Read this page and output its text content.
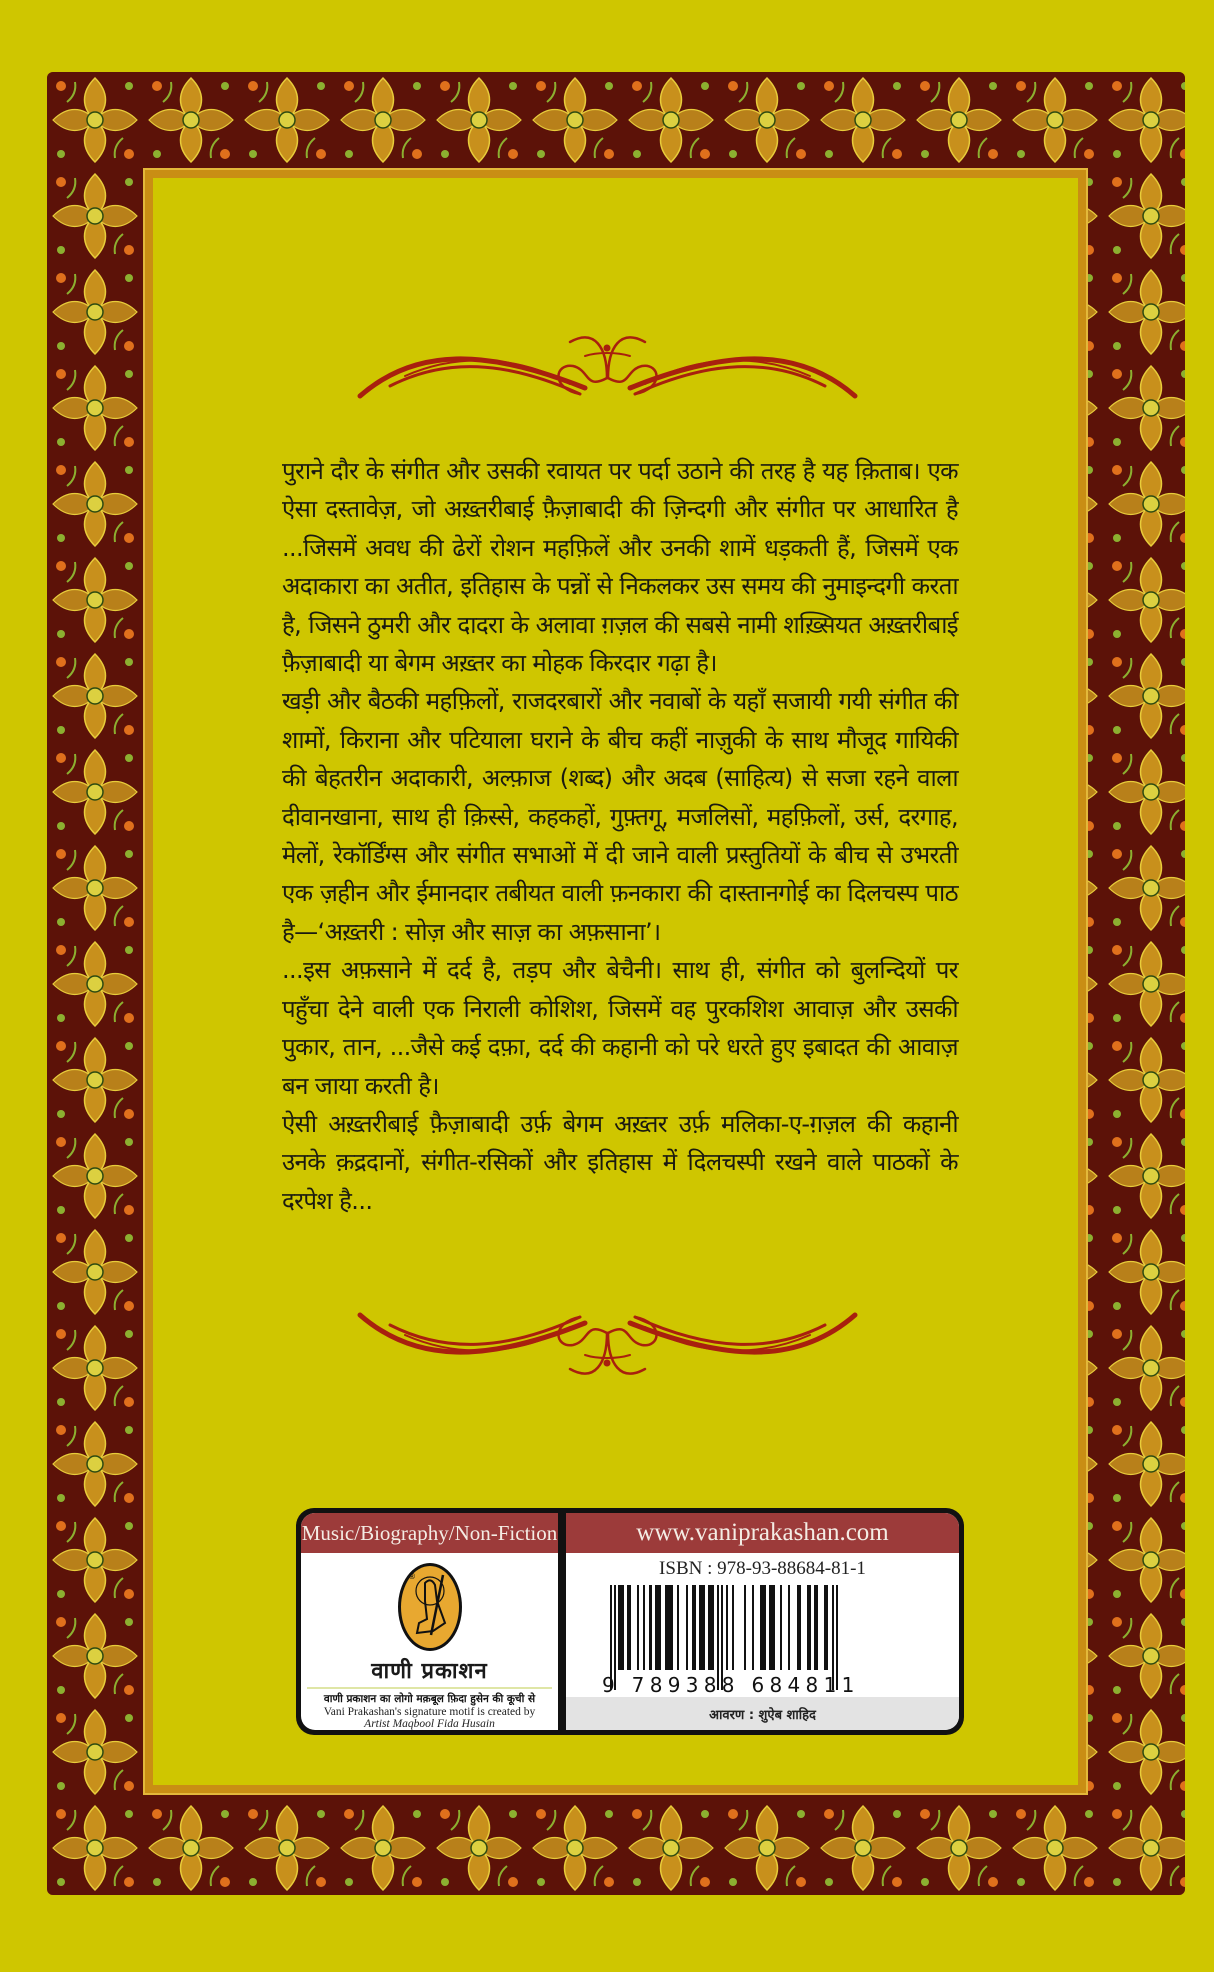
पुराने दौर के संगीत और उसकी रवायत पर पर्दा उठाने की तरह है यह क़िताब। एक ऐसा दस्तावेज़, जो अख़्तरीबाई फ़ैज़ाबादी की ज़िन्दगी और संगीत पर आधारित है ...जिसमें अवध की ढेरों रोशन महफ़िलें और उनकी शामें धड़कती हैं, जिसमें एक अदाकारा का अतीत, इतिहास के पन्नों से निकलकर उस समय की नुमाइन्दगी करता है, जिसने ठुमरी और दादरा के अलावा ग़ज़ल की सबसे नामी शख़्सियत अख़्तरीबाई फ़ैज़ाबादी या बेगम अख़्तर का मोहक किरदार गढ़ा है।

खड़ी और बैठकी महफ़िलों, राजदरबारों और नवाबों के यहाँ सजायी गयी संगीत की शामों, किराना और पटियाला घराने के बीच कहीं नाज़ुकी के साथ मौजूद गायिकी की बेहतरीन अदाकारी, अल्फ़ाज (शब्द) और अदब (साहित्य) से सजा रहने वाला दीवानखाना, साथ ही क़िस्से, कहकहों, गुफ़्तगू, मजलिसों, महफ़िलों, उर्स, दरगाह, मेलों, रेकॉर्डिंग्स और संगीत सभाओं में दी जाने वाली प्रस्तुतियों के बीच से उभरती एक ज़हीन और ईमानदार तबीयत वाली फ़नकारा की दास्तानगोई का दिलचस्प पाठ है—‘अख़्तरी : सोज़ और साज़ का अफ़साना’।

...इस अफ़साने में दर्द है, तड़प और बेचैनी। साथ ही, संगीत को बुलन्दियों पर पहुँचा देने वाली एक निराली कोशिश, जिसमें वह पुरकशिश आवाज़ और उसकी पुकार, तान, ...जैसे कई दफ़ा, दर्द की कहानी को परे धरते हुए इबादत की आवाज़ बन जाया करती है।

ऐसी अख़्तरीबाई फ़ैज़ाबादी उर्फ़ बेगम अख़्तर उर्फ़ मलिका-ए-ग़ज़ल की कहानी उनके क़द्रदानों, संगीत-रसिकों और इतिहास में दिलचस्पी रखने वाले पाठकों के दरपेश है...

Music/Biography/Non-Fiction
®
वाणी प्रकाशन
वाणी प्रकाशन का लोगो मक़बूल फ़िदा हुसेन की कूची से
Vani Prakashan's signature motif is created by
Artist Maqbool Fida Husain
www.vaniprakashan.com
ISBN : 978-93-88684-81-1
9 789388 684811
आवरण : शुऐब शाहिद
